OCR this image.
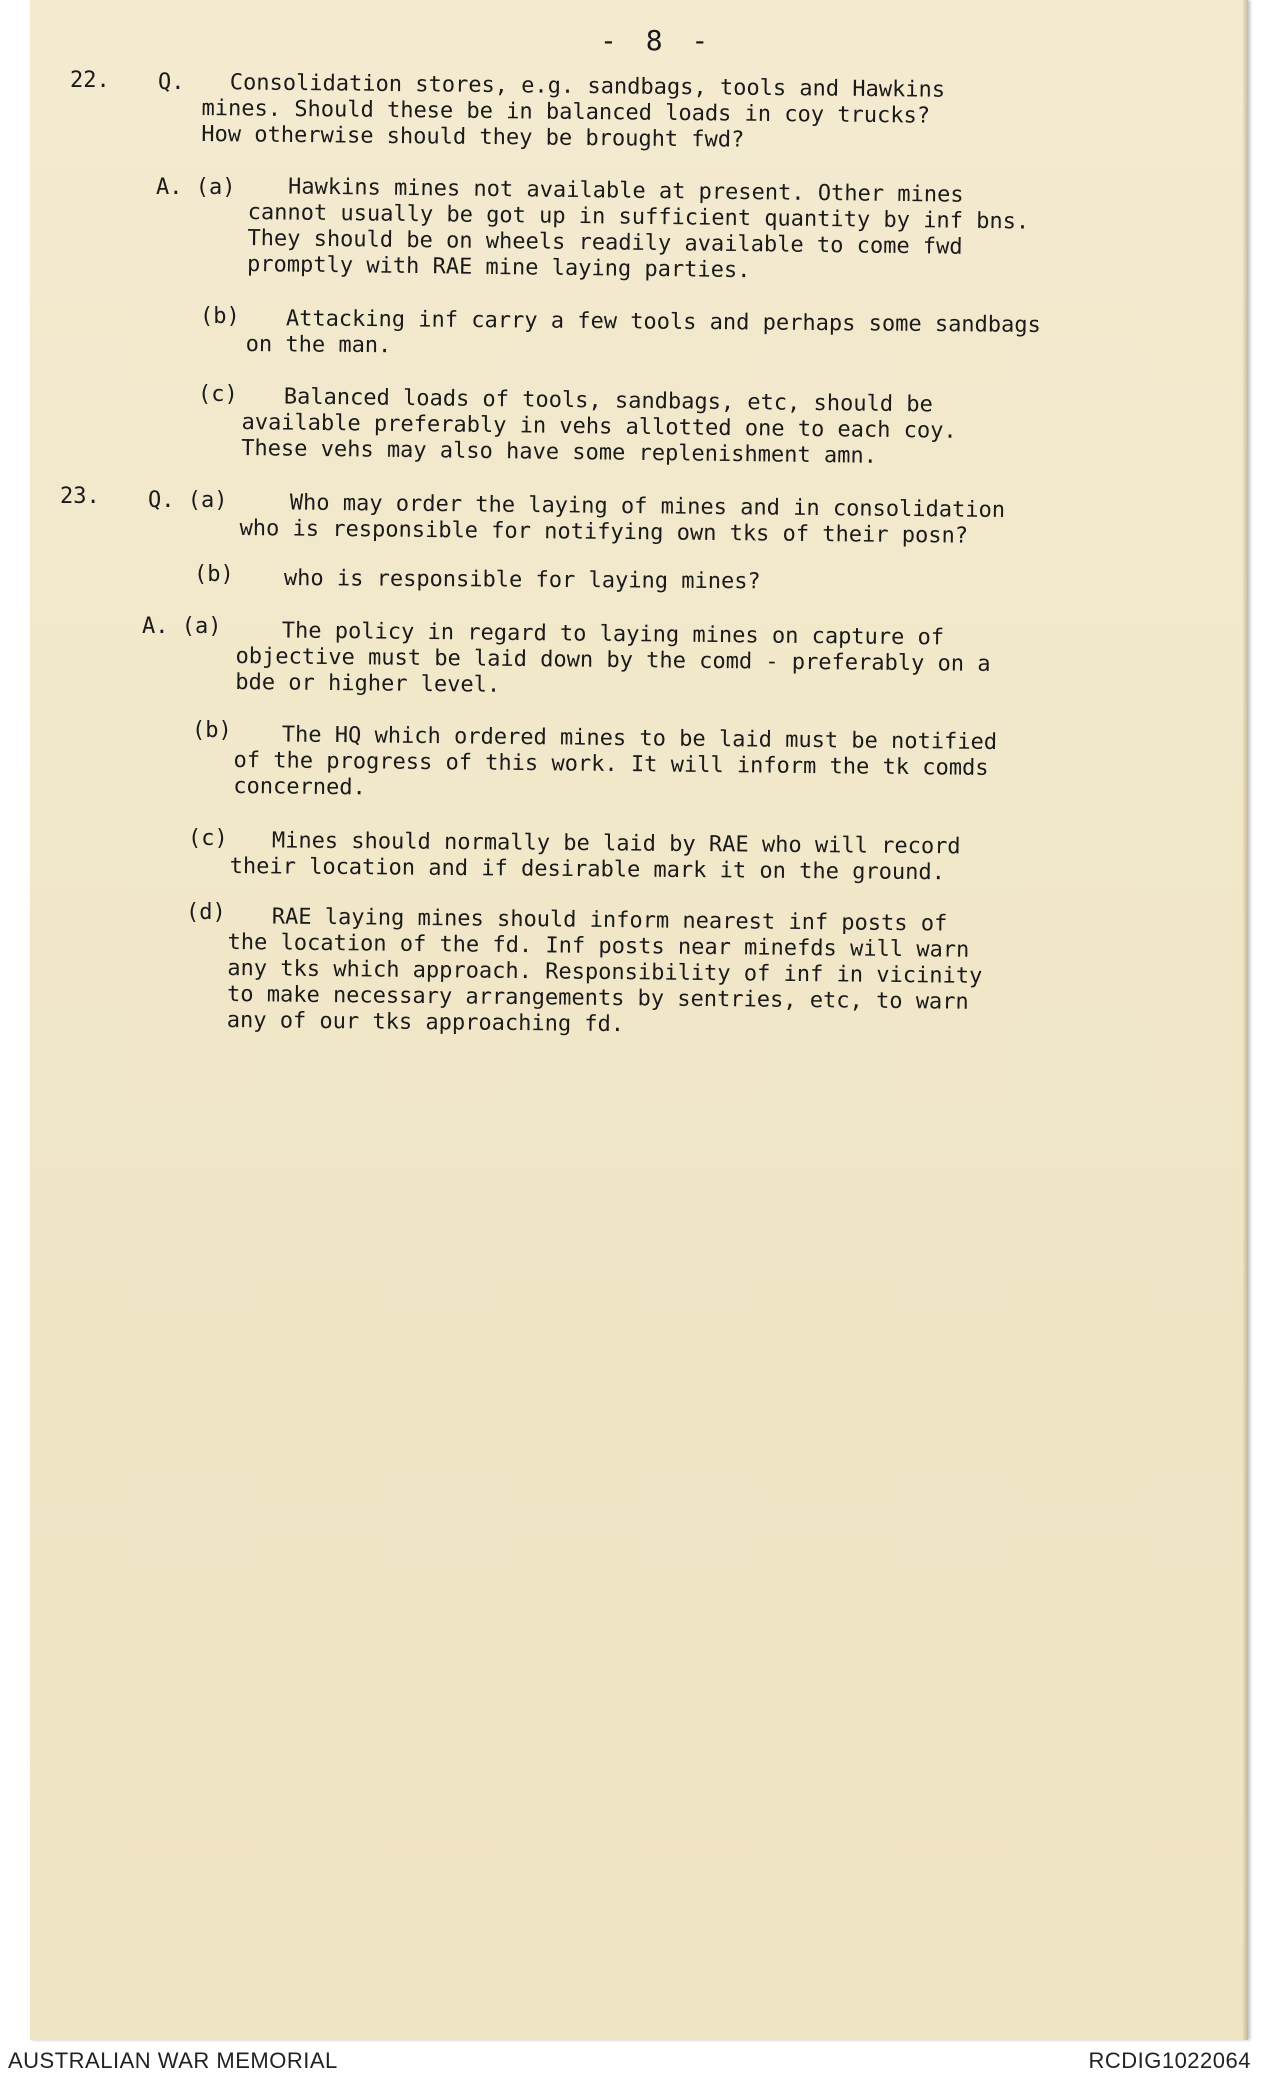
- 8 -
22. Q.	Consolidation stores, e.g. sandbags, tools and Hawkins
mines. Should these be in balanced loads in coy trucks?
How otherwise should they be brought fwd?
A. (a)	Hawkins mines not available at present. Other mines
cannot usually be got up in sufficient quantity by inf bns.
They should be on wheels readily available to come fwd
promptly with RAE mine laying parties.
(b)	Attacking inf carry a few tools and perhaps some sandbags
on the man.
(c)	Balanced loads of tools, sandbags, etc, should be
available preferably in vehs allotted one to each coy.
These vehs may also have some replenishment amn.
23. Q. (a)	Who may order the laying of mines and in consolidation
who is responsible for notifying own tks of their posn?
(b) who is responsible for laying mines?
A. (a)	The policy in regard to laying mines on capture of
objective must be laid down by the comd - preferably on a
bde or higher level.
(b)	The HQ which ordered mines to be laid must be notified
of the progress of this work. It will inform the tk comds
concerned.
(c)	Mines should normally be laid by RAE who will record
their location and if desirable mark it on the ground.
(d)	RAE laying mines should inform nearest inf posts of
the location of the fd. Inf posts near minefds will warn
any tks which approach. Responsibility of inf in vicinity
to make necessary arrangements by sentries, etc, to warn
any of our tks approaching fd.
AUSTRALIAN WAR MEMORIAL	RCDIG1022064
